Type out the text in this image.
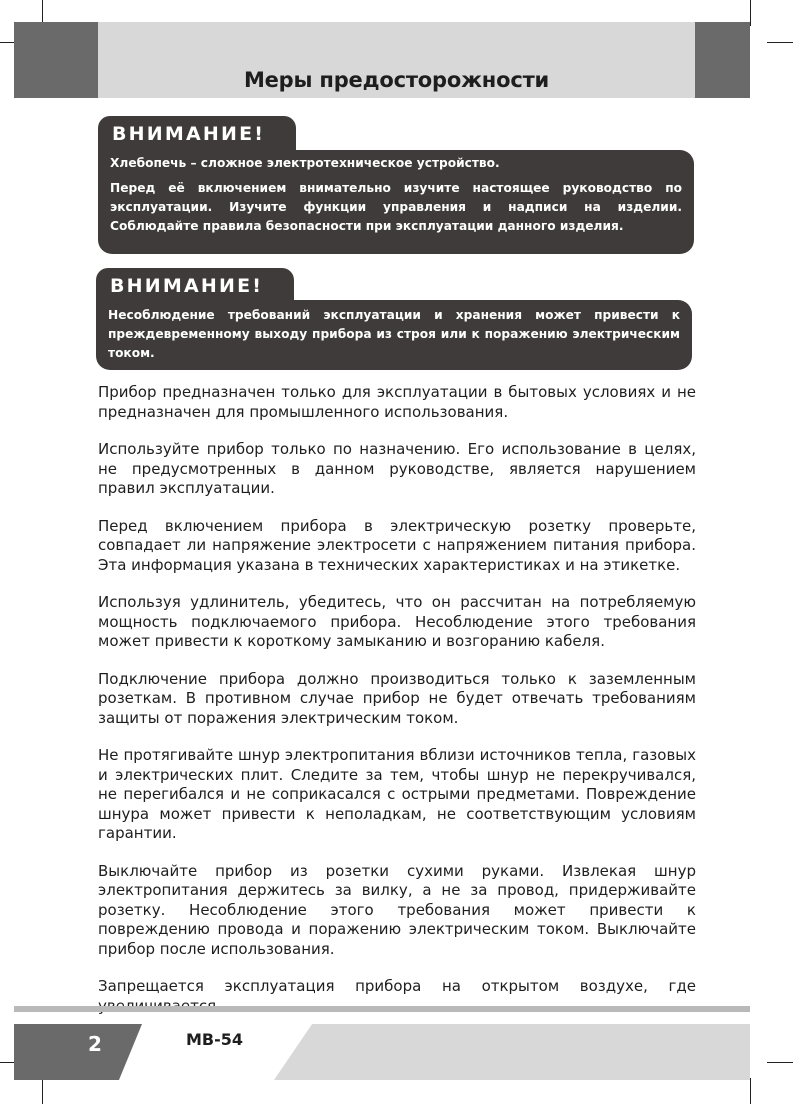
Меры предосторожности
ВНИМАНИЕ!

Хлебопечь – сложное электротехническое устройство.

Перед её включением внимательно изучите настоящее руководство по эксплуатации. Изучите функции управления и надписи на изделии. Соблюдайте правила безопасности при эксплуатации данного изделия.

ВНИМАНИЕ!

Несоблюдение требований эксплуатации и хранения может привести к преждевременному выходу прибора из строя или к поражению электрическим током.

Прибор предназначен только для эксплуатации в бытовых условиях и не предназначен для промышленного использования.

Используйте прибор только по назначению. Его использование в целях, не предусмотренных в данном руководстве, является нарушением правил эксплуатации.

Перед включением прибора в электрическую розетку проверьте, совпадает ли напряжение электросети с напряжением питания прибора. Эта информация указана в технических характеристиках и на этикетке.

Используя удлинитель, убедитесь, что он рассчитан на потребляемую мощность подключаемого прибора. Несоблюдение этого требования может привести к короткому замыканию и возгоранию кабеля.

Подключение прибора должно производиться только к заземленным розеткам. В противном случае прибор не будет отвечать требованиям защиты от поражения электрическим током.

Не протягивайте шнур электропитания вблизи источников тепла, газовых и электрических плит. Следите за тем, чтобы шнур не перекручивался, не перегибался и не соприкасался с острыми предметами. Повреждение шнура может привести к неполадкам, не соответствующим условиям гарантии.

Выключайте прибор из розетки сухими руками. Извлекая шнур электропитания держитесь за вилку, а не за провод, придерживайте розетку. Несоблюдение этого требования может привести к повреждению провода и поражению электрическим током. Выключайте прибор после использования.

Запрещается эксплуатация прибора на открытом воздухе, где

2	MB-54
